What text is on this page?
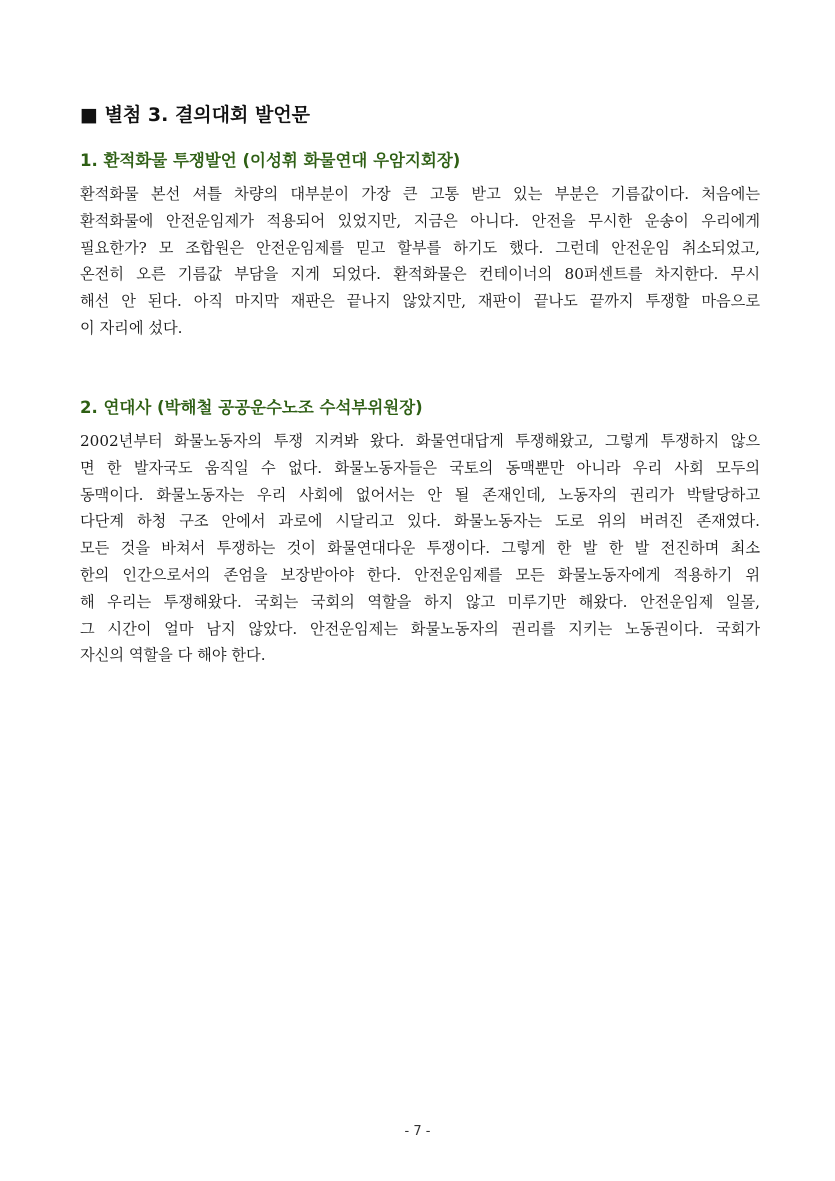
■ 별첨 3. 결의대회 발언문
1. 환적화물 투쟁발언 (이성휘 화물연대 우암지회장)
환적화물 본선 셔틀 차량의 대부분이 가장 큰 고통 받고 있는 부분은 기름값이다. 처음에는
환적화물에 안전운임제가 적용되어 있었지만, 지금은 아니다. 안전을 무시한 운송이 우리에게
필요한가? 모 조합원은 안전운임제를 믿고 할부를 하기도 했다. 그런데 안전운임 취소되었고,
온전히 오른 기름값 부담을 지게 되었다. 환적화물은 컨테이너의 80퍼센트를 차지한다. 무시
해선 안 된다. 아직 마지막 재판은 끝나지 않았지만, 재판이 끝나도 끝까지 투쟁할 마음으로
이 자리에 섰다.
2. 연대사 (박해철 공공운수노조 수석부위원장)
2002년부터 화물노동자의 투쟁 지켜봐 왔다. 화물연대답게 투쟁해왔고, 그렇게 투쟁하지 않으
면 한 발자국도 움직일 수 없다. 화물노동자들은 국토의 동맥뿐만 아니라 우리 사회 모두의
동맥이다. 화물노동자는 우리 사회에 없어서는 안 될 존재인데, 노동자의 권리가 박탈당하고
다단계 하청 구조 안에서 과로에 시달리고 있다. 화물노동자는 도로 위의 버려진 존재였다.
모든 것을 바쳐서 투쟁하는 것이 화물연대다운 투쟁이다. 그렇게 한 발 한 발 전진하며 최소
한의 인간으로서의 존엄을 보장받아야 한다. 안전운임제를 모든 화물노동자에게 적용하기 위
해 우리는 투쟁해왔다. 국회는 국회의 역할을 하지 않고 미루기만 해왔다. 안전운임제 일몰,
그 시간이 얼마 남지 않았다. 안전운임제는 화물노동자의 권리를 지키는 노동권이다. 국회가
자신의 역할을 다 해야 한다.
- 7 -
